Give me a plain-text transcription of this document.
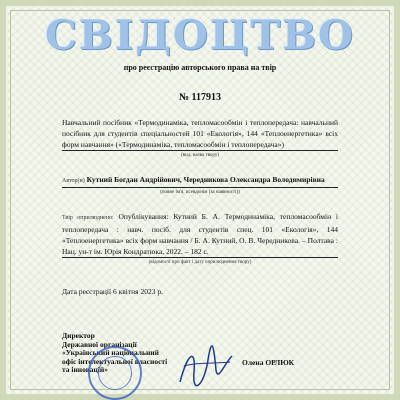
СВІДОЦТВО
про реєстрацію авторського права на твір
№ 117913
Навчальний посібник «Термодинаміка, тепломасообмін і теплопередача: навчальний посібник для студентів спеціальностей 101 «Екологія», 144 «Теплоенергетика» всіх форм навчання» («Термодинаміка, тепломасообмін і теплопередача»)
(вид, назва твору)
Автор(и) Кутний Богдан Андрійович, Чередникова Олександра Володимирівна
(повне ім'я, псевдонім (за наявності))
Твір оприлюднено: Опублікування: Кутний Б. А. Термодинаміка, тепломасообмін і теплопередача : навч. посіб. для студентів спец. 101 «Екологія», 144 «Теплоенергетика» всіх форм навчання / Б. А. Кутний, О. В. Чередникова. – Полтава : Нац. ун-т ім. Юрія Кондратюка, 2022. – 182 с.
(відомості про факт і дату оприлюднення твору)
Дата реєстрації 6 квітня 2023 р.
Директор
Державної організації
«Український національний
офіс інтелектуальної власності
та інновацій»
Олена ОРЛЮК
